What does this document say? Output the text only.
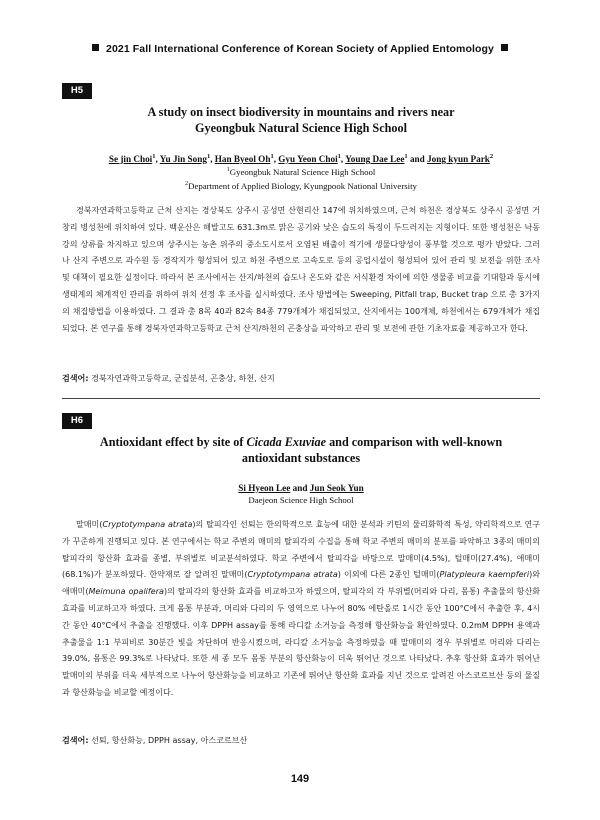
2021 Fall International Conference of Korean Society of Applied Entomology
H5
A study on insect biodiversity in mountains and rivers near
Gyeongbuk Natural Science High School
Se jin Choi$^1$, Yu Jin Song$^1$, Han Byeol Oh$^1$, Gyu Yeon Choi$^1$, Young Dae Lee$^1$ and Jong kyun Park$^2$
$^1$Gyeongbuk Natural Science High School
$^2$Department of Applied Biology, Kyungpook National University
경북자연과학고등학교 근처 산지는 경상북도 상주시 공성면 산현리산 147에 위치하였으며, 근처 하천은 경상북도 상주시 공성면 거창리 병성천에 위치하여 있다. 백운산은 해발고도 631.3m로 맑은 공기와 낮은 습도의 특징이 두드러지는 지형이다. 또한 병성천은 낙동강의 상류를 차지하고 있으며 상주시는 농촌 위주의 중소도시로서 오염된 배출이 적기에 생물다양성이 풍부할 것으로 평가 받았다. 그러나 산지 주변으로 과수원 등 경작지가 형성되어 있고 하천 주변으로 고속도로 등의 공업시설이 형성되어 있어 관리 및 보전을 위한 조사 및 대책이 필요한 실정이다. 따라서 본 조사에서는 산지/하천의 습도나 온도와 같은 서식환경 차이에 의한 생물종 비교를 기대함과 동시에 생태계의 체계적인 관리를 위하여 위치 선정 후 조사를 실시하였다. 조사 방법에는 Sweeping, Pitfall trap, Bucket trap 으로 총 3가지의 채집방법을 이용하였다. 그 결과 총 8목 40과 82속 84종 779개체가 채집되었고, 산지에서는 100개체, 하천에서는 679개체가 채집되었다. 본 연구를 통해 경북자연과학고등학교 근처 산지/하천의 곤충상을 파악하고 관리 및 보전에 관한 기초자료를 제공하고자 한다.
검색어: 경북자연과학고등학교, 군집분석, 곤충상, 하천, 산지
H6
Antioxidant effect by site of Cicada Exuviae and comparison with well-known
antioxidant substances
Si Hyeon Lee and Jun Seok Yun
Daejeon Science High School
말매미(Cryptotympana atrata)의 탈피각인 선퇴는 한의학적으로 효능에 대한 분석과 키틴의 물리화학적 특성, 약리학적으로 연구가 꾸준하게 진행되고 있다. 본 연구에서는 학교 주변의 매미의 탈피각의 수집을 통해 학교 주변의 매미의 분포를 파악하고 3종의 매미의 탈피각의 항산화 효과를 종별, 부위별로 비교분석하였다. 학교 주변에서 탈피각을 바탕으로 말매미(4.5%), 털매미(27.4%), 애매미(68.1%)가 분포하였다. 한약재로 잘 알려진 말매미(Cryptotympana atrata) 이외에 다른 2종인 털매미(Platypleura kaempferi)와 애매미(Meimuna opalifera)의 탈피각의 항산화 효과를 비교하고자 하였으며, 탈피각의 각 부위별(머리와 다리, 몸통) 추출물의 항산화 효과를 비교하고자 하였다. 크게 몸통 부분과, 머리와 다리의 두 영역으로 나누어 80% 에탄올로 1시간 동안 100°C에서 추출한 후, 4시간 동안 40°C에서 추출을 진행했다. 이후 DPPH assay를 통해 라디칼 소거능을 측정해 항산화능을 확인하였다. 0.2mM DPPH 용액과 추출물을 1:1 부피비로 30분간 빛을 차단하며 반응시켰으며, 라디칼 소거능을 측정하였을 때 말매미의 경우 부위별로 머리와 다리는 39.0%, 몸통은 99.3%로 나타났다. 또한 세 종 모두 몸통 부분의 항산화능이 더욱 뛰어난 것으로 나타났다. 추후 항산화 효과가 뛰어난 말매미의 부위를 더욱 세부적으로 나누어 항산화능을 비교하고 기존에 뛰어난 항산화 효과를 지닌 것으로 알려진 아스코르브산 등의 물질과 항산화능을 비교할 예정이다.
검색어: 선퇴, 항산화능, DPPH assay, 아스코르브산
149
